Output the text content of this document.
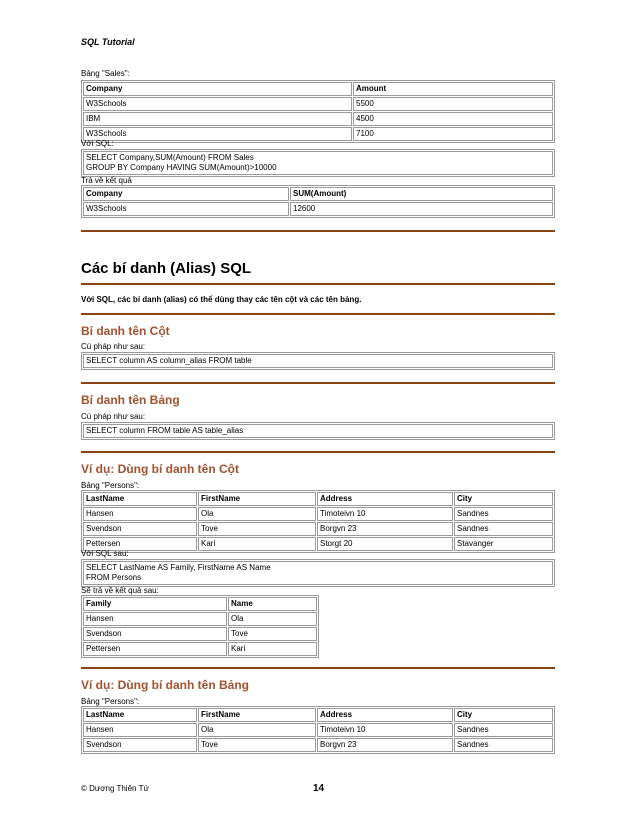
SQL Tutorial
Bảng "Sales":
Company	Amount
W3Schools	5500
IBM	4500
W3Schools	7100
Với SQL:
SELECT Company,SUM(Amount) FROM Sales
GROUP BY Company HAVING SUM(Amount)>10000
Trả về kết quả
Company	SUM(Amount)
W3Schools	12600
Các bí danh (Alias) SQL
Với SQL, các bí danh (alias) có thể dùng thay các tên cột và các tên bảng.
Bí danh tên Cột
Cú pháp như sau:
SELECT column AS column_alias FROM table
Bí danh tên Bảng
Cú pháp như sau:
SELECT column FROM table AS table_alias
Ví dụ: Dùng bí danh tên Cột
Bảng "Persons":
LastName	FirstName	Address	City
Hansen	Ola	Timoteivn 10	Sandnes
Svendson	Tove	Borgvn 23	Sandnes
Pettersen	Kari	Storgt 20	Stavanger
Với SQL sau:
SELECT LastName AS Family, FirstName AS Name
FROM Persons
Sẽ trả về kết quả sau:
Family	Name
Hansen	Ola
Svendson	Tove
Pettersen	Kari
Ví dụ: Dùng bí danh tên Bảng
Bảng "Persons":
LastName	FirstName	Address	City
Hansen	Ola	Timoteivn 10	Sandnes
Svendson	Tove	Borgvn 23	Sandnes
© Dương Thiên Tứ	14
